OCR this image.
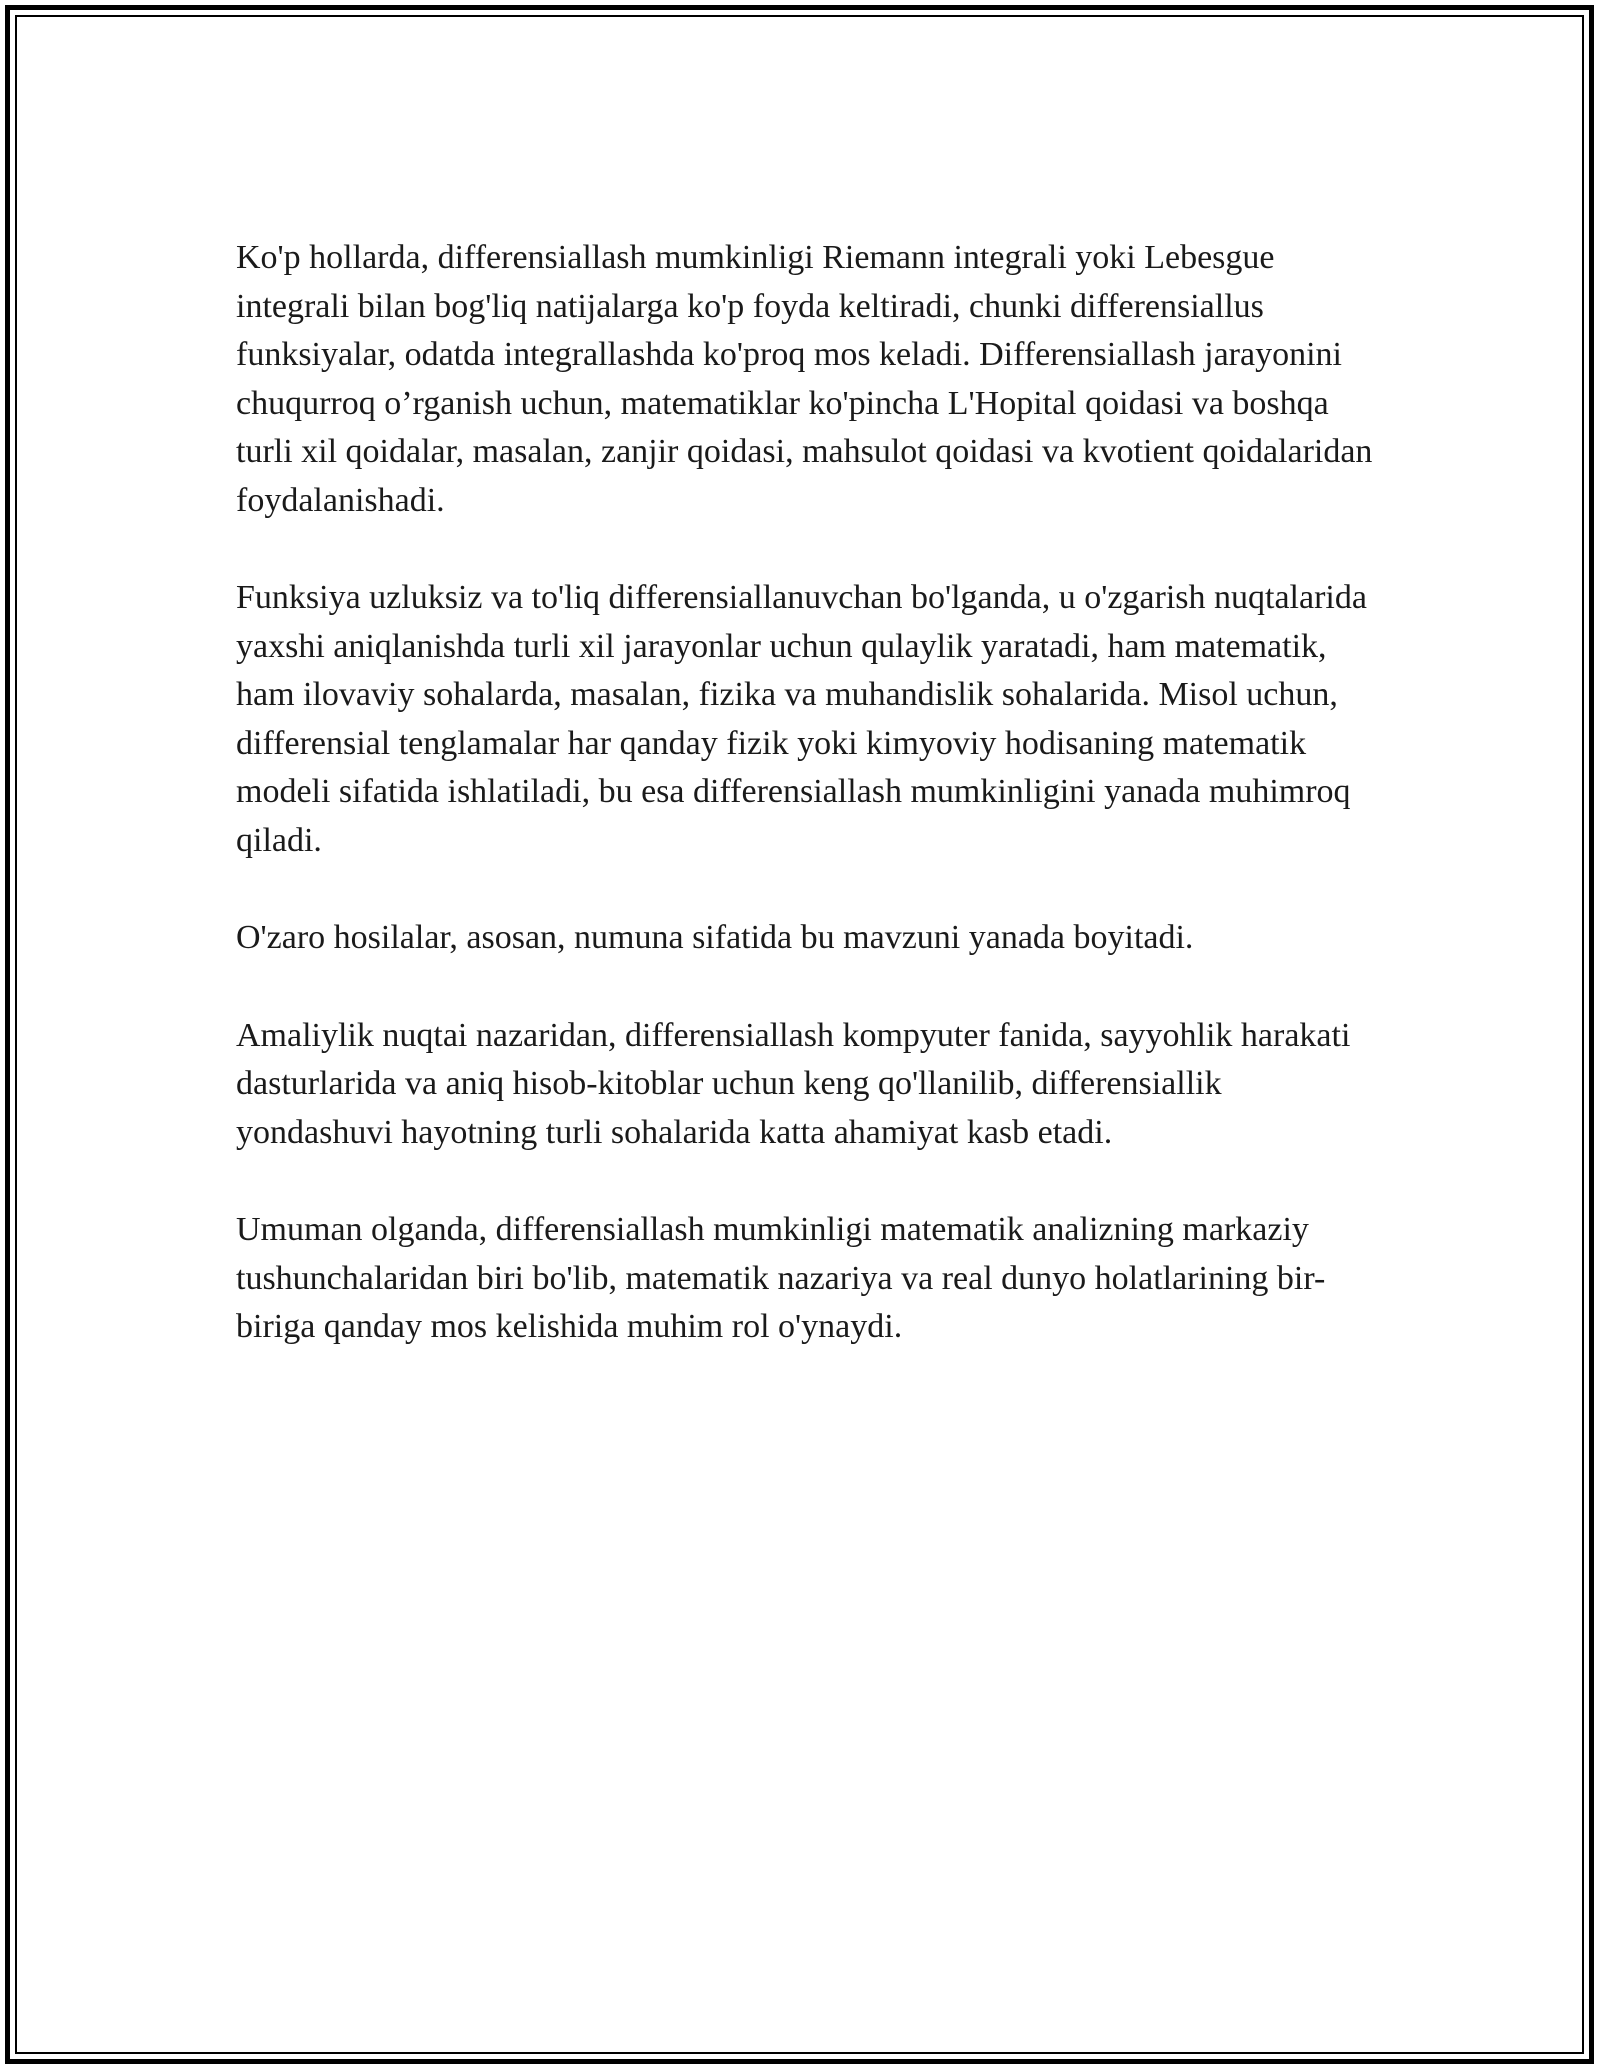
Ko'p hollarda, differensiallash mumkinligi Riemann integrali yoki Lebesgue integrali bilan bog'liq natijalarga ko'p foyda keltiradi, chunki differensiallus funksiyalar, odatda integrallashda ko'proq mos keladi. Differensiallash jarayonini chuqurroq o’rganish uchun, matematiklar ko'pincha L'Hopital qoidasi va boshqa turli xil qoidalar, masalan, zanjir qoidasi, mahsulot qoidasi va kvotient qoidalaridan foydalanishadi.

Funksiya uzluksiz va to'liq differensiallanuvchan bo'lganda, u o'zgarish nuqtalarida yaxshi aniqlanishda turli xil jarayonlar uchun qulaylik yaratadi, ham matematik, ham ilovaviy sohalarda, masalan, fizika va muhandislik sohalarida. Misol uchun, differensial tenglamalar har qanday fizik yoki kimyoviy hodisaning matematik modeli sifatida ishlatiladi, bu esa differensiallash mumkinligini yanada muhimroq qiladi.

O'zaro hosilalar, asosan, numuna sifatida bu mavzuni yanada boyitadi.

Amaliylik nuqtai nazaridan, differensiallash kompyuter fanida, sayyohlik harakati dasturlarida va aniq hisob-kitoblar uchun keng qo'llanilib, differensiallik yondashuvi hayotning turli sohalarida katta ahamiyat kasb etadi.

Umuman olganda, differensiallash mumkinligi matematik analizning markaziy tushunchalaridan biri bo'lib, matematik nazariya va real dunyo holatlarining bir-biriga qanday mos kelishida muhim rol o'ynaydi.
